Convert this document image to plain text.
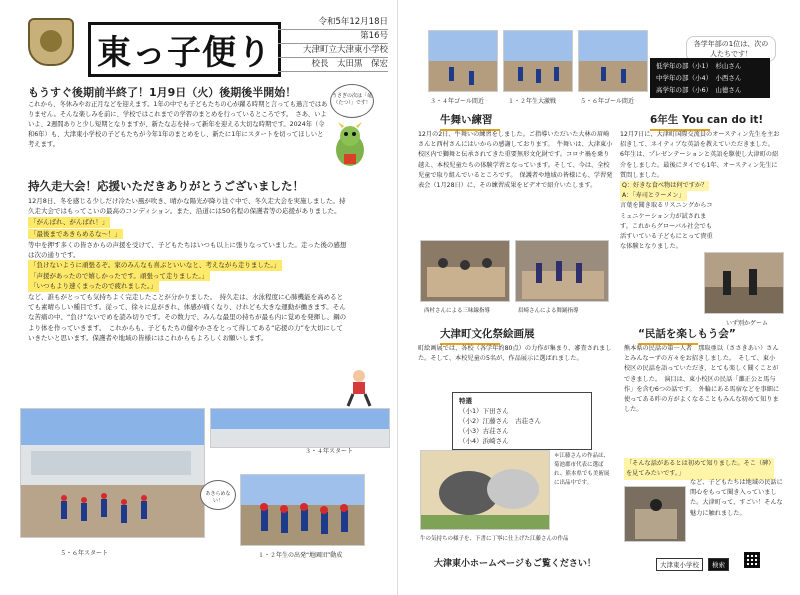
東っ子便り
令和5年12月18日
第16号
大津町立大津東小学校
校長　太田黒　保宏
もうすぐ後期前半終了！1月9日（火）後期後半開始！
これから、冬休みやお正月などを迎えます。1年の中でも子どもたちの心が躍る時期と言っても過言ではありません。そんな楽しみを前に、学校ではこれまでの学習のまとめを行っているところです。　さあ、いよいよ、2週間ありと少し短期となりますが、新たな志を持って新年を迎える大切な時期です。2024年（令和6年）も、大津東小学校の子どもたちが今年1年のまとめをし、新たに1年にスタートを切ってほしいと考えます。
うさぎの次は「竜（たつ）」です！
持久走大会！応援いただきありがとうございました！
12月8日、冬を感じる少しだけ冷たい風が吹き、晴かな陽光が降り注ぐ中で、冬久走大会を実施しました。持久走大会ではもってこいの最高のコンディション。また、沿道には50名程の保護者等の応援がありました。
「がんばれ、がんばれ！」
「最後まであきらめるな～！」
等中を押す多くの皆さからの声援を受けて、子どもたちはいつも以上に張りなっていました。走った後の感想は次の通りです。
「負けないように頑張るぞ。家のみんなも喜ぶといいなと、考えながら走りました。」
「声援があったので嬉しかったです。頑張って走りました。」
「いつもより速くまったので疲れました。」
など、誰もがとっても気持ちよく完走したことが分かりました。　持久走は、水泳程度に心肺機能を高めるとても素晴らしい種目です。従って、徐々に息がきれ、体感が痛くなり、けれども大きな運動が働きます。そんな苦痛の中、“負け”ないでめを読み切りです。その数力で、みんな最里の持ちが最も内に覚めを発揮し、鋼のより体を作っていきます。　これからも、子どもたちの健やかさをとって得してある“応援の力”を大切にしていきたいと思います。保護者や地域の皆様にはこれからもよろしくお願いします。
３・４年スタート
５・６年スタート
あきらめない！
１・２年生の出発“地園団”動成
３・４年ゴール間近	１・２年生大激戦	５・６年ゴール間近
各学年部の1位は、次の人たちです！
低学年の部（小1）　 杉山さん
中学年の部（小4）　 小西さん
高学年の部（小6）　 山德さん
牛舞い練習
12月の2日、牛舞いの練習をしました。ご指導いただいた大林の眉崎さんと西村さんにはいからの感謝しております。　牛舞いは、大津東小校区内で獅舞と伝承されてきた重要無形文化財です。コロナ禍を乗り越え、本校児童たちの体験学習となっています。そして、今は、全校児童で取り組んでいるところです。　保護者や地域の皆様にも、学習発表会（1月28日）に、その練習成果をビデオで紹介いたします。
西村さんによる三味線指導	眉崎さんによる舞踊指導
6年生 You can do it!
12月7日に、大津町国際交流員のオースティン先生を主お招きして、ネイティブな英語を教えていただきました。　6年生は、プレゼンテーションと英語を駆使し大津町の紹介をしました。最後にタイでも1年、オースティン先生に質問しました。
Q：好きな食べ物は何ですか？
A：「寿司とラーメン」

言葉を聞き取るリスニングからコミュニケーション力が試されます。これからグローバル社会でも活すいている子どもにとって貴重な体験となりました。
いず別かゲーム
大津町文化祭絵画展
町絵画展では、各校（各学年約80点）の力作が集まり、審査されました。そして、本校児童の5名が、作品展示に選ばれました。
特選
（小1）下田さん
（小2）江藤さん　古荘さん
（小3）古荘さん
（小4）浜崎さん
＊江藤さんの作品は、菊池郡市代表に選ばれ、熊本県でも美術展に出品中です。
牛の気持ちの様子を、下書に丁寧に仕上げた江藤さんの作品
“民話を楽しもう会”
熊本県の民話の第一人者　那取亜以（ささきあい）さんとみんなーずの方々をお招きしました。　そして、東小校区の民話を語っていただき、とても楽しく聞くことができました。　演目は、東小校区の民話「灘正公と馬与作」を含む6つの話です。　外輪にある馬宿などを事細に使ってある昨の方がよくなることもみんな初めて知りました。
「そんな話があるとは初めて知りました。そこ（碑）を見てみたいです。」
など、子どもたちは地域の民話に関心をもって聞き入っていました。大津町って、すごい！そんな魅力に触れました。
大津東小ホームページもご覧ください！	大津東小学校	検索
